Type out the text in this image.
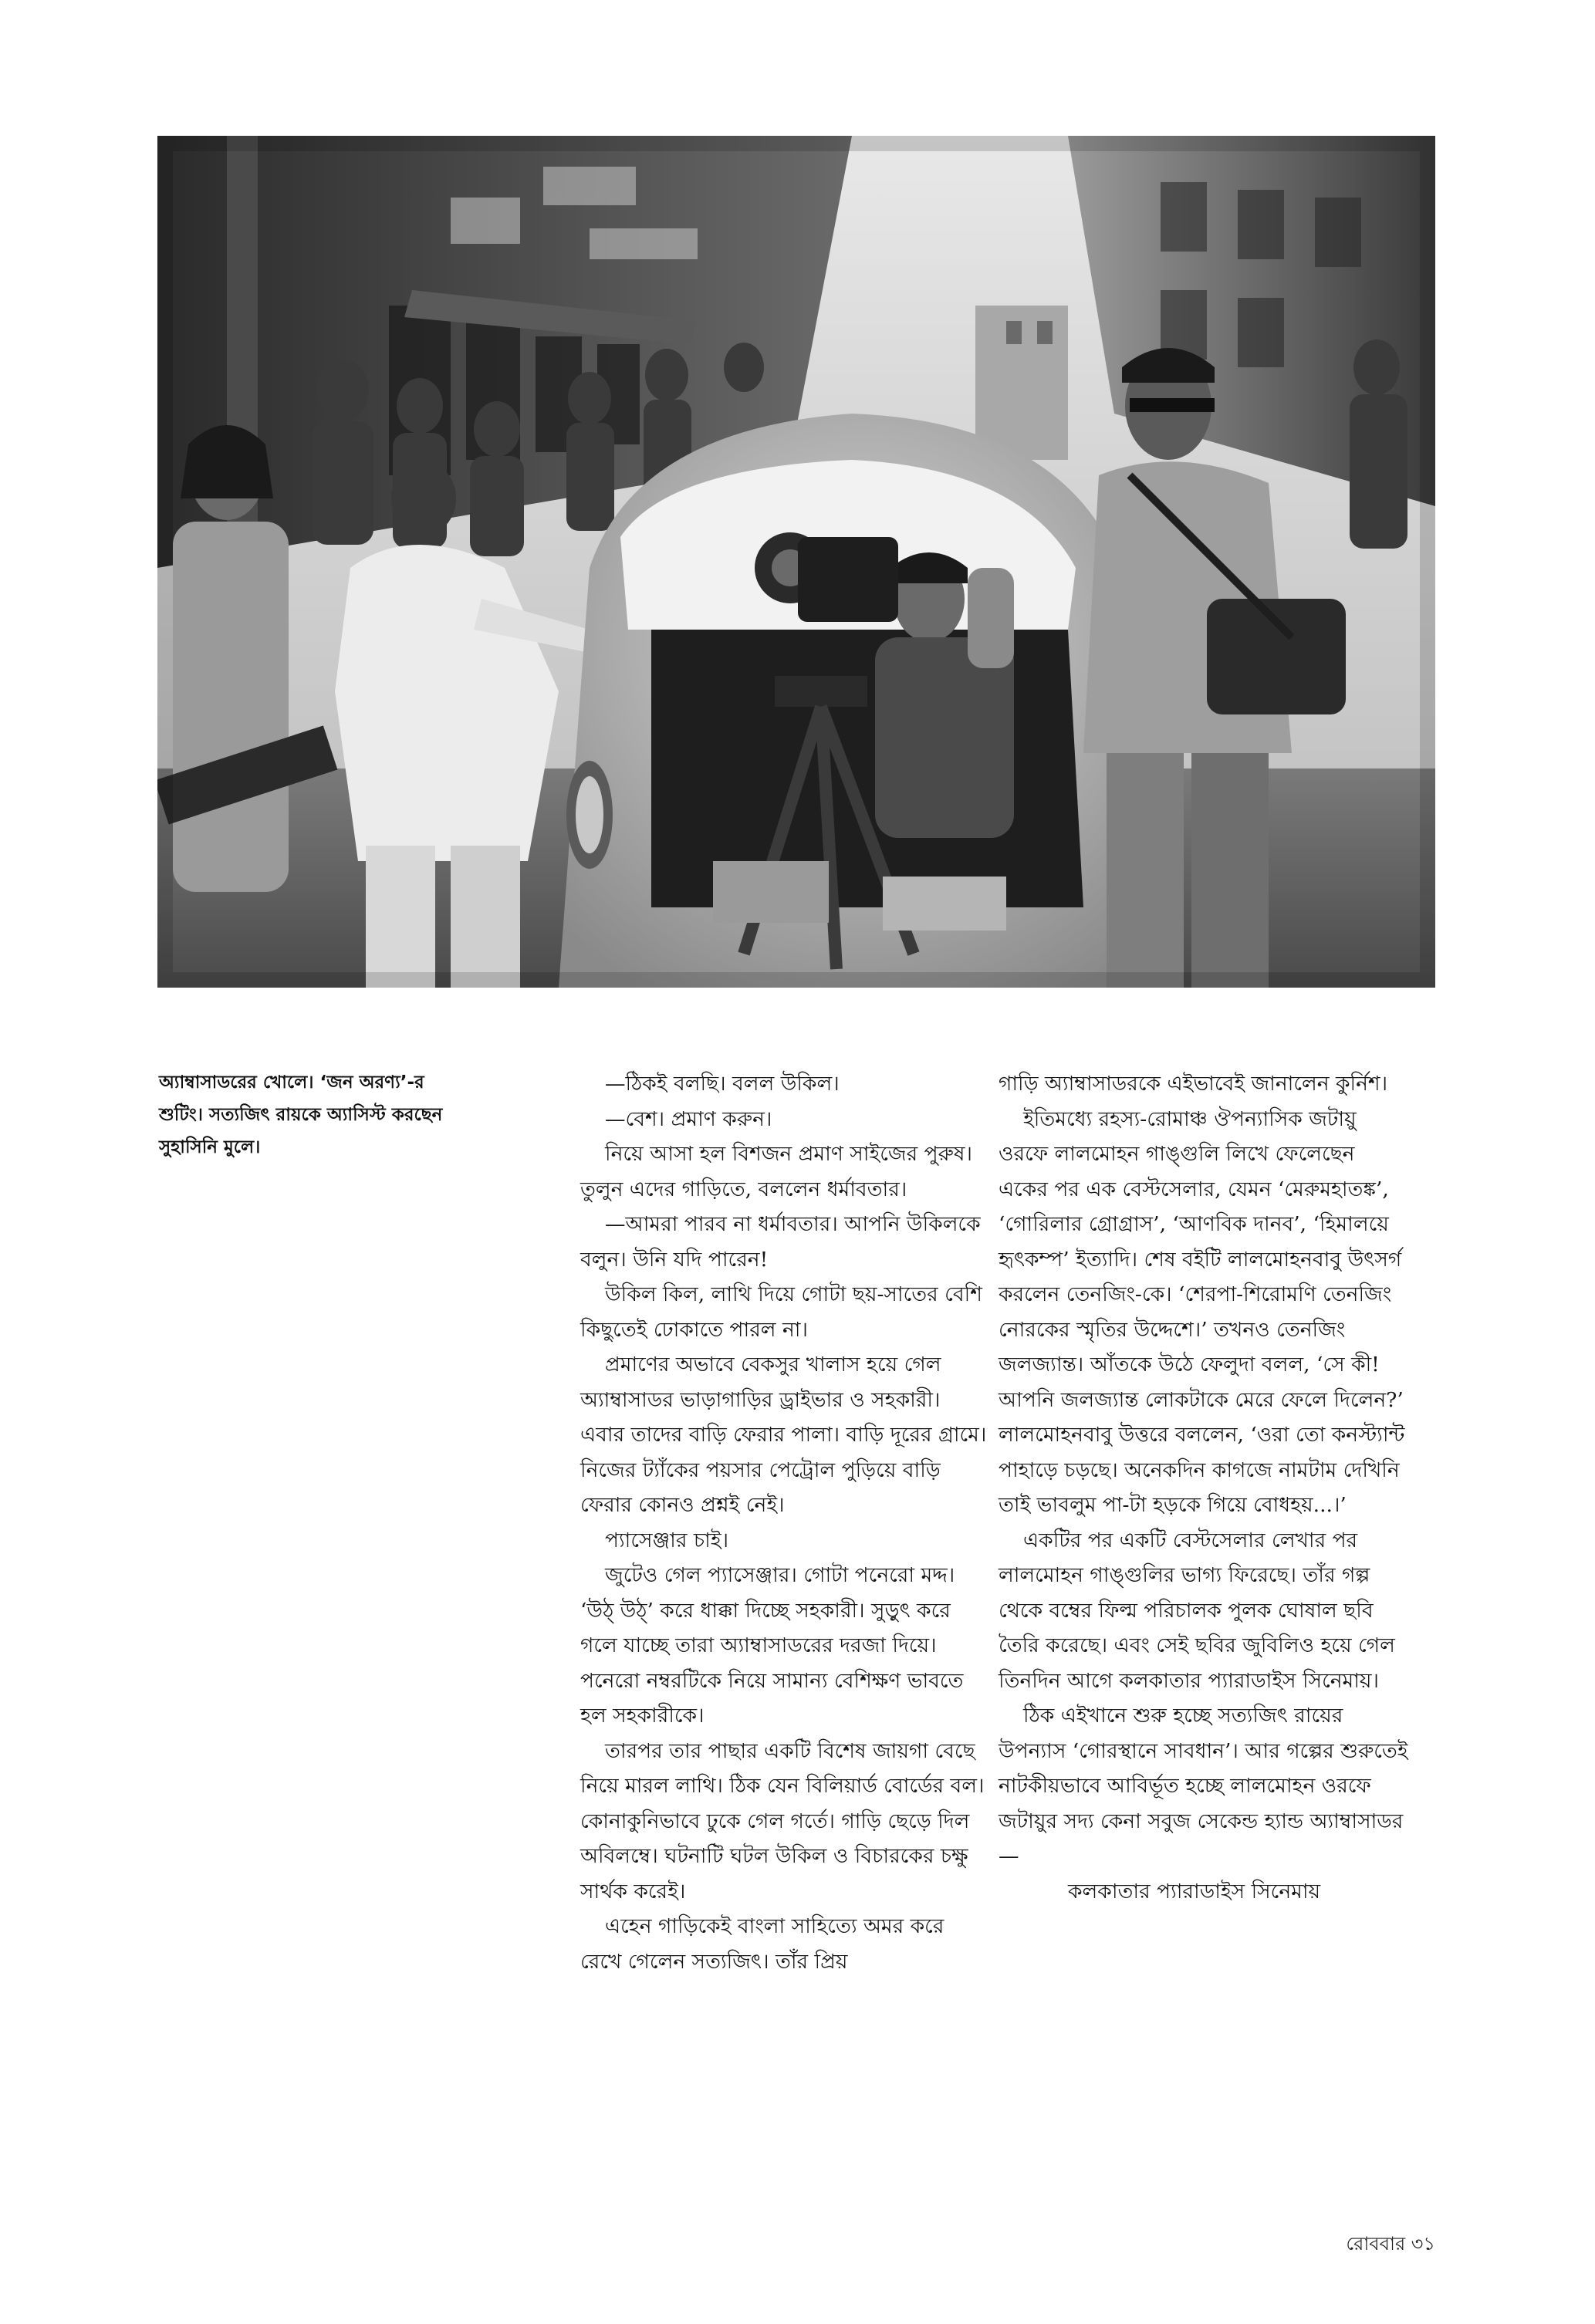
অ্যাম্বাসাডরের খোলে। ‘জন অরণ্য’-র

শুটিং। সত্যজিৎ রায়কে অ্যাসিস্ট করছেন

সুহাসিনি মুলে।

—ঠিকই বলছি। বলল উকিল।

—বেশ। প্রমাণ করুন।

নিয়ে আসা হল বিশজন প্রমাণ সাইজের পুরুষ। তুলুন এদের গাড়িতে, বললেন ধর্মাবতার।

—আমরা পারব না ধর্মাবতার। আপনি উকিলকে বলুন। উনি যদি পারেন!

উকিল কিল, লাথি দিয়ে গোটা ছয়-সাতের বেশি কিছুতেই ঢোকাতে পারল না।

প্রমাণের অভাবে বেকসুর খালাস হয়ে গেল অ্যাম্বাসাডর ভাড়াগাড়ির ড্রাইভার ও সহকারী। এবার তাদের বাড়ি ফেরার পালা। বাড়ি দূরের গ্রামে। নিজের ট্যাঁকের পয়সার পেট্রোল পুড়িয়ে বাড়ি ফেরার কোনও প্রশ্নই নেই।

প্যাসেঞ্জার চাই।

জুটেও গেল প্যাসেঞ্জার। গোটা পনেরো মদ্দ। ‘উঠ্‌ উঠ্‌’ করে ধাক্কা দিচ্ছে সহকারী। সুড়ুৎ করে গলে যাচ্ছে তারা অ্যাম্বাসাডরের দরজা দিয়ে। পনেরো নম্বরটিকে নিয়ে সামান্য বেশিক্ষণ ভাবতে হল সহকারীকে।

তারপর তার পাছার একটি বিশেষ জায়গা বেছে নিয়ে মারল লাথি। ঠিক যেন বিলিয়ার্ড বোর্ডের বল। কোনাকুনিভাবে ঢুকে গেল গর্তে। গাড়ি ছেড়ে দিল অবিলম্বে। ঘটনাটি ঘটল উকিল ও বিচারকের চক্ষু সার্থক করেই।

এহেন গাড়িকেই বাংলা সাহিত্যে অমর করে রেখে গেলেন সত্যজিৎ। তাঁর প্রিয়

গাড়ি অ্যাম্বাসাডরকে এইভাবেই জানালেন কুর্নিশ।

ইতিমধ্যে রহস্য-রোমাঞ্চ ঔপন্যাসিক জটায়ু ওরফে লালমোহন গাঙ্গুলি লিখে ফেলেছেন একের পর এক বেস্টসেলার, যেমন ‘মেরুমহাতঙ্ক’, ‘গোরিলার গ্রোগ্রাস’, ‘আণবিক দানব’, ‘হিমালয়ে হৃৎকম্প’ ইত্যাদি। শেষ বইটি লালমোহনবাবু উৎসর্গ করলেন তেনজিং-কে। ‘শেরপা-শিরোমণি তেনজিং নোরকের স্মৃতির উদ্দেশে।’ তখনও তেনজিং জলজ্যান্ত। আঁতকে উঠে ফেলুদা বলল, ‘সে কী! আপনি জলজ্যান্ত লোকটাকে মেরে ফেলে দিলেন?’ লালমোহনবাবু উত্তরে বললেন, ‘ওরা তো কনস্ট্যান্ট পাহাড়ে চড়ছে। অনেকদিন কাগজে নামটাম দেখিনি তাই ভাবলুম পা-টা হড়কে গিয়ে বোধহয়...।’

একটির পর একটি বেস্টসেলার লেখার পর লালমোহন গাঙ্গুলির ভাগ্য ফিরেছে। তাঁর গল্প থেকে বম্বের ফিল্ম পরিচালক পুলক ঘোষাল ছবি তৈরি করেছে। এবং সেই ছবির জুবিলিও হয়ে গেল তিনদিন আগে কলকাতার প্যারাডাইস সিনেমায়।

ঠিক এইখানে শুরু হচ্ছে সত্যজিৎ রায়ের উপন্যাস ‘গোরস্থানে সাবধান’। আর গল্পের শুরুতেই নাটকীয়ভাবে আবির্ভূত হচ্ছে লালমোহন ওরফে জটায়ুর সদ্য কেনা সবুজ সেকেন্ড হ্যান্ড অ্যাম্বাসাডর—

কলকাতার প্যারাডাইস সিনেমায়

রোববার ৩১
